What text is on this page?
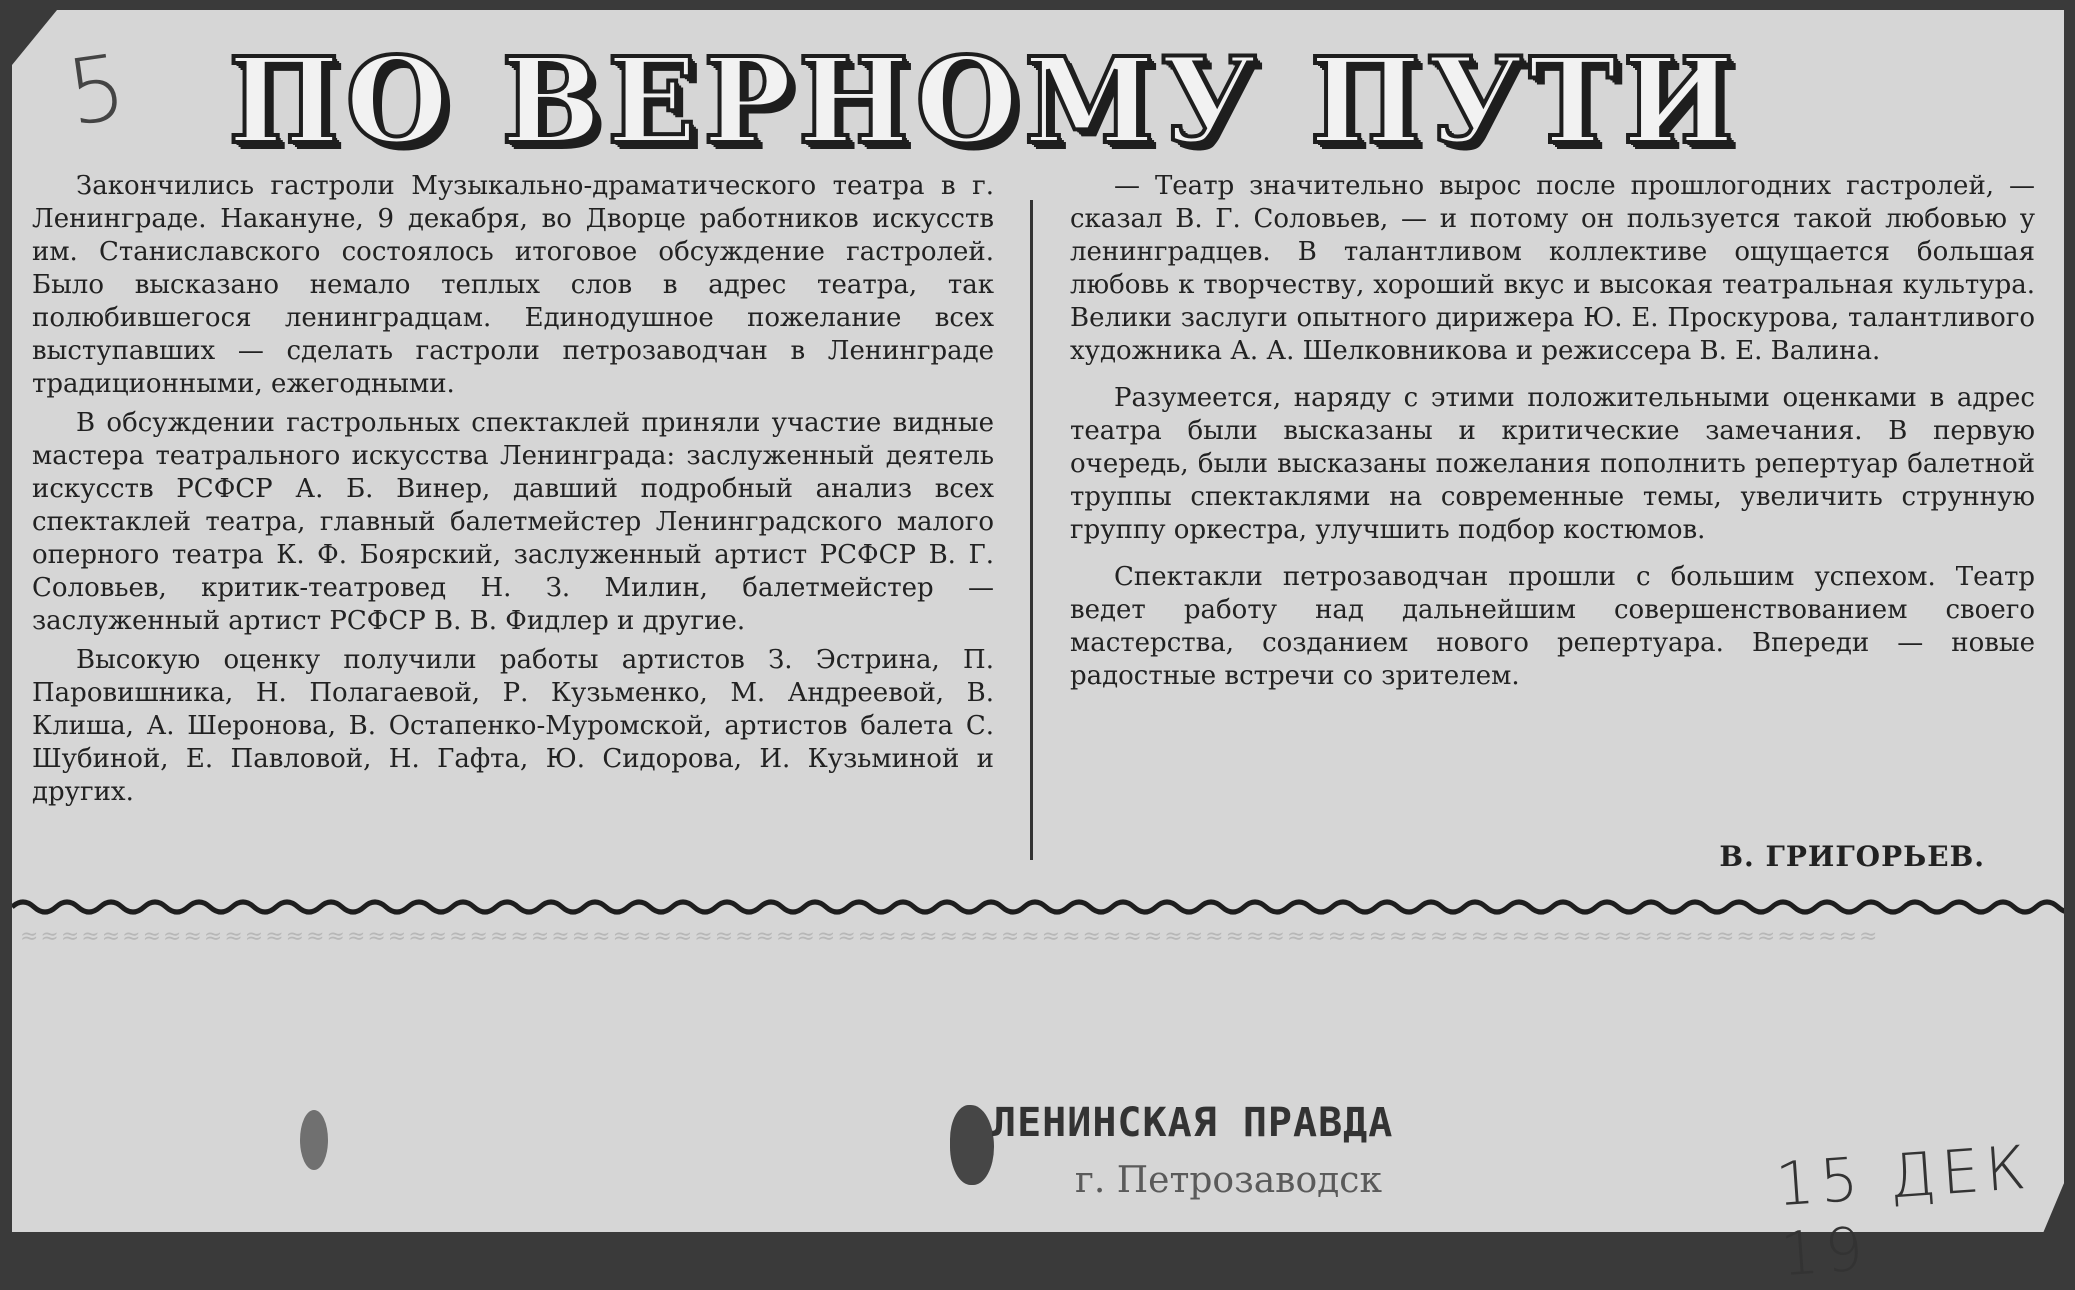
5 ПО ВЕРНОМУ ПУТИ

Закончились гастроли Музыкально-драматического театра в г. Ленинграде. Накануне, 9 декабря, во Дворце работников искусств им. Станиславского состоялось итоговое обсуждение гастролей. Было высказано немало теплых слов в адрес театра, так полюбившегося ленинградцам. Единодушное пожелание всех выступавших — сделать гастроли петрозаводчан в Ленинграде традиционными, ежегодными.

В обсуждении гастрольных спектаклей приняли участие видные мастера театрального искусства Ленинграда: заслуженный деятель искусств РСФСР А. Б. Винер, давший подробный анализ всех спектаклей театра, главный балетмейстер Ленинградского малого оперного театра К. Ф. Боярский, заслуженный артист РСФСР В. Г. Соловьев, критик-театровед Н. З. Милин, балетмейстер — заслуженный артист РСФСР В. В. Фидлер и другие.

Высокую оценку получили работы артистов З. Эстрина, П. Паровишника, Н. Полагаевой, Р. Кузьменко, М. Андреевой, В. Клиша, А. Шеронова, В. Остапенко-Муромской, артистов балета С. Шубиной, Е. Павловой, Н. Гафта, Ю. Сидорова, И. Кузьминой и других.

— Театр значительно вырос после прошлогодних гастролей, — сказал В. Г. Соловьев, — и потому он пользуется такой любовью у ленинградцев. В талантливом коллективе ощущается большая любовь к творчеству, хороший вкус и высокая театральная культура. Велики заслуги опытного дирижера Ю. Е. Проскурова, талантливого художника А. А. Шелковникова и режиссера В. Е. Валина.

Разумеется, наряду с этими положительными оценками в адрес театра были высказаны и критические замечания. В первую очередь, были высказаны пожелания пополнить репертуар балетной труппы спектаклями на современные темы, увеличить струнную группу оркестра, улучшить подбор костюмов.

Спектакли петрозаводчан прошли с большим успехом. Театр ведет работу над дальнейшим совершенствованием своего мастерства, созданием нового репертуара. Впереди — новые радостные встречи со зрителем.

В. ГРИГОРЬЕВ.
≈≈≈≈≈≈≈≈≈≈≈≈≈≈≈≈≈≈≈≈≈≈≈≈≈≈≈≈≈≈≈≈≈≈≈≈≈≈≈≈≈≈≈≈≈≈≈≈≈≈≈≈≈≈≈≈≈≈≈≈≈≈≈≈≈≈≈≈≈≈≈≈≈≈≈≈≈≈≈≈≈≈≈≈≈≈≈≈≈≈≈
ЛЕНИНСКАЯ ПРАВДА
г. Петрозаводск	15 ДЕК 19
